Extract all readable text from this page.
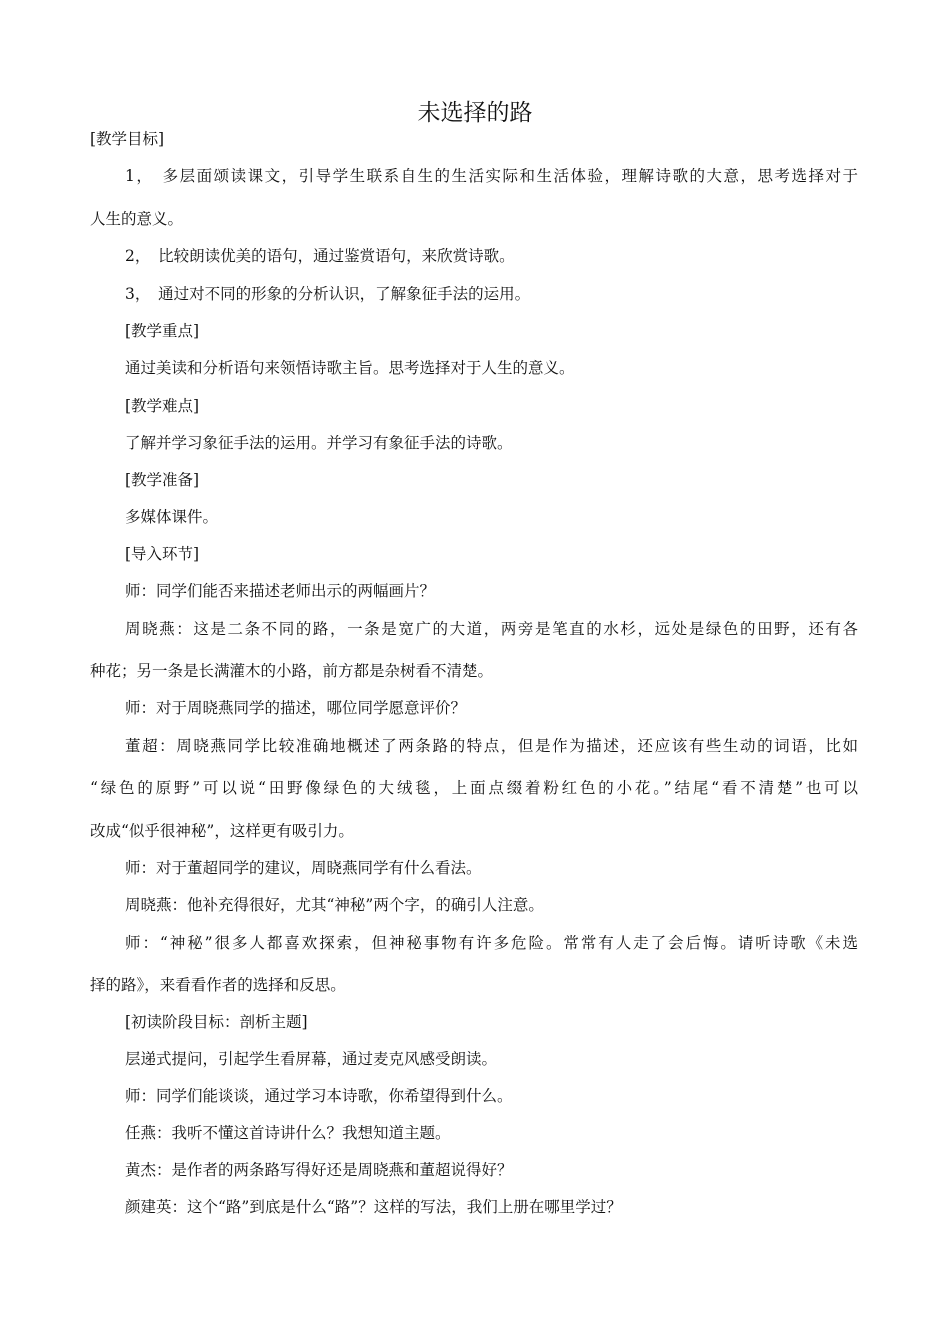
未选择的路
[教学目标]
1，　多层面颂读课文，引导学生联系自生的生活实际和生活体验，理解诗歌的大意，思考选择对于
人生的意义。
2，　比较朗读优美的语句，通过鉴赏语句，来欣赏诗歌。
3，　通过对不同的形象的分析认识，了解象征手法的运用。
[教学重点]
通过美读和分析语句来领悟诗歌主旨。思考选择对于人生的意义。
[教学难点]
了解并学习象征手法的运用。并学习有象征手法的诗歌。
[教学准备]
多媒体课件。
[导入环节]
师：同学们能否来描述老师出示的两幅画片？
周晓燕：这是二条不同的路，一条是宽广的大道，两旁是笔直的水杉，远处是绿色的田野，还有各
种花；另一条是长满灌木的小路，前方都是杂树看不清楚。
师：对于周晓燕同学的描述，哪位同学愿意评价？
董超：周晓燕同学比较准确地概述了两条路的特点，但是作为描述，还应该有些生动的词语，比如
“绿色的原野”可以说“田野像绿色的大绒毯，上面点缀着粉红色的小花。”结尾“看不清楚”也可以
改成“似乎很神秘”，这样更有吸引力。
师：对于董超同学的建议，周晓燕同学有什么看法。
周晓燕：他补充得很好，尤其“神秘”两个字，的确引人注意。
师：“神秘”很多人都喜欢探索，但神秘事物有许多危险。常常有人走了会后悔。请听诗歌《未选
择的路》，来看看作者的选择和反思。
[初读阶段目标：剖析主题]
层递式提问，引起学生看屏幕，通过麦克风感受朗读。
师：同学们能谈谈，通过学习本诗歌，你希望得到什么。
任燕：我听不懂这首诗讲什么？我想知道主题。
黄杰：是作者的两条路写得好还是周晓燕和董超说得好？
颜建英：这个“路”到底是什么“路”？这样的写法，我们上册在哪里学过？
